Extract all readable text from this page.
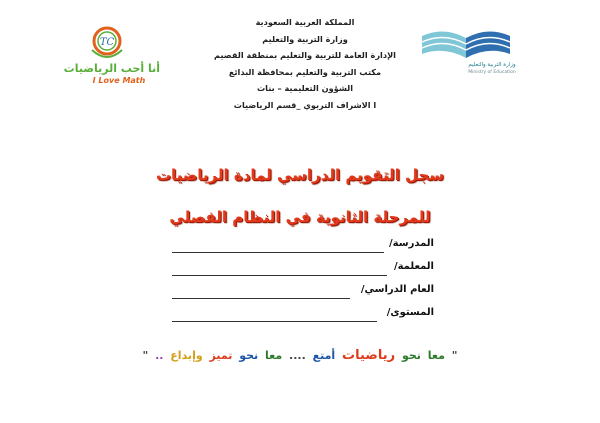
TC
أنا أحب الرياضيات
I Love Math
المملكة العربية السعودية
وزارة التربية والتعليم
الإدارة العامة للتربية والتعليم بمنطقة القصيم
مكتب التربية والتعليم بمحافظة البدائع
الشؤون التعليمية – بنات
ا الاشراف التربوي _قسم الرياضيات
وزارة التربية والتعليم
Ministry of Education
سجل التقويم الدراسي لمادة الرياضيات
للمرحلة الثانوية في النظام الفصلي
المدرسة/
المعلمة/
العام الدراسي/
المستوى/
" معا نحو رياضيات أمتع .... معا نحو تميز وإبداع .. "
